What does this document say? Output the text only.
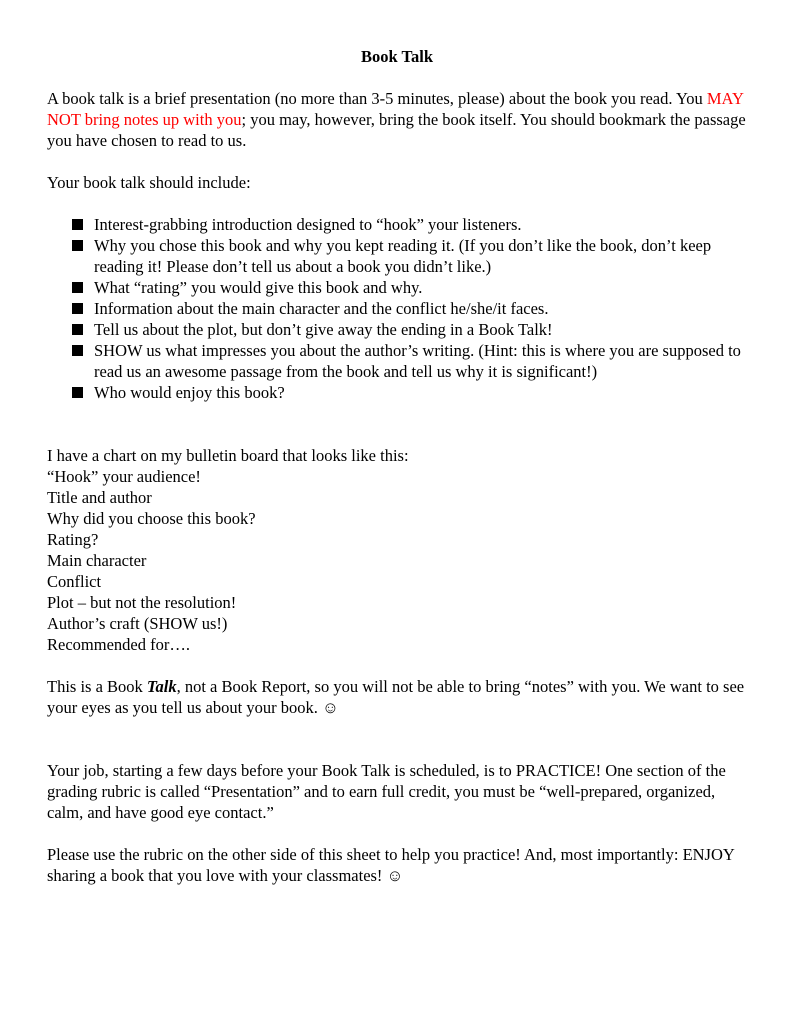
Book Talk

A book talk is a brief presentation (no more than 3-5 minutes, please) about the book you read. You MAY NOT bring notes up with you; you may, however, bring the book itself. You should bookmark the passage you have chosen to read to us.

Your book talk should include:

Interest-grabbing introduction designed to “hook” your listeners.
Why you chose this book and why you kept reading it. (If you don’t like the book, don’t keep reading it! Please don’t tell us about a book you didn’t like.)
What “rating” you would give this book and why.
Information about the main character and the conflict he/she/it faces.
Tell us about the plot, but don’t give away the ending in a Book Talk!
SHOW us what impresses you about the author’s writing. (Hint: this is where you are supposed to read us an awesome passage from the book and tell us why it is significant!)
Who would enjoy this book?

I have a chart on my bulletin board that looks like this:

“Hook” your audience!
Title and author
Why did you choose this book?
Rating?
Main character
Conflict
Plot – but not the resolution!
Author’s craft (SHOW us!)
Recommended for….

This is a Book Talk, not a Book Report, so you will not be able to bring “notes” with you. We want to see your eyes as you tell us about your book. ☺

Your job, starting a few days before your Book Talk is scheduled, is to PRACTICE! One section of the grading rubric is called “Presentation” and to earn full credit, you must be “well-prepared, organized, calm, and have good eye contact.”

Please use the rubric on the other side of this sheet to help you practice! And, most importantly: ENJOY sharing a book that you love with your classmates! ☺
